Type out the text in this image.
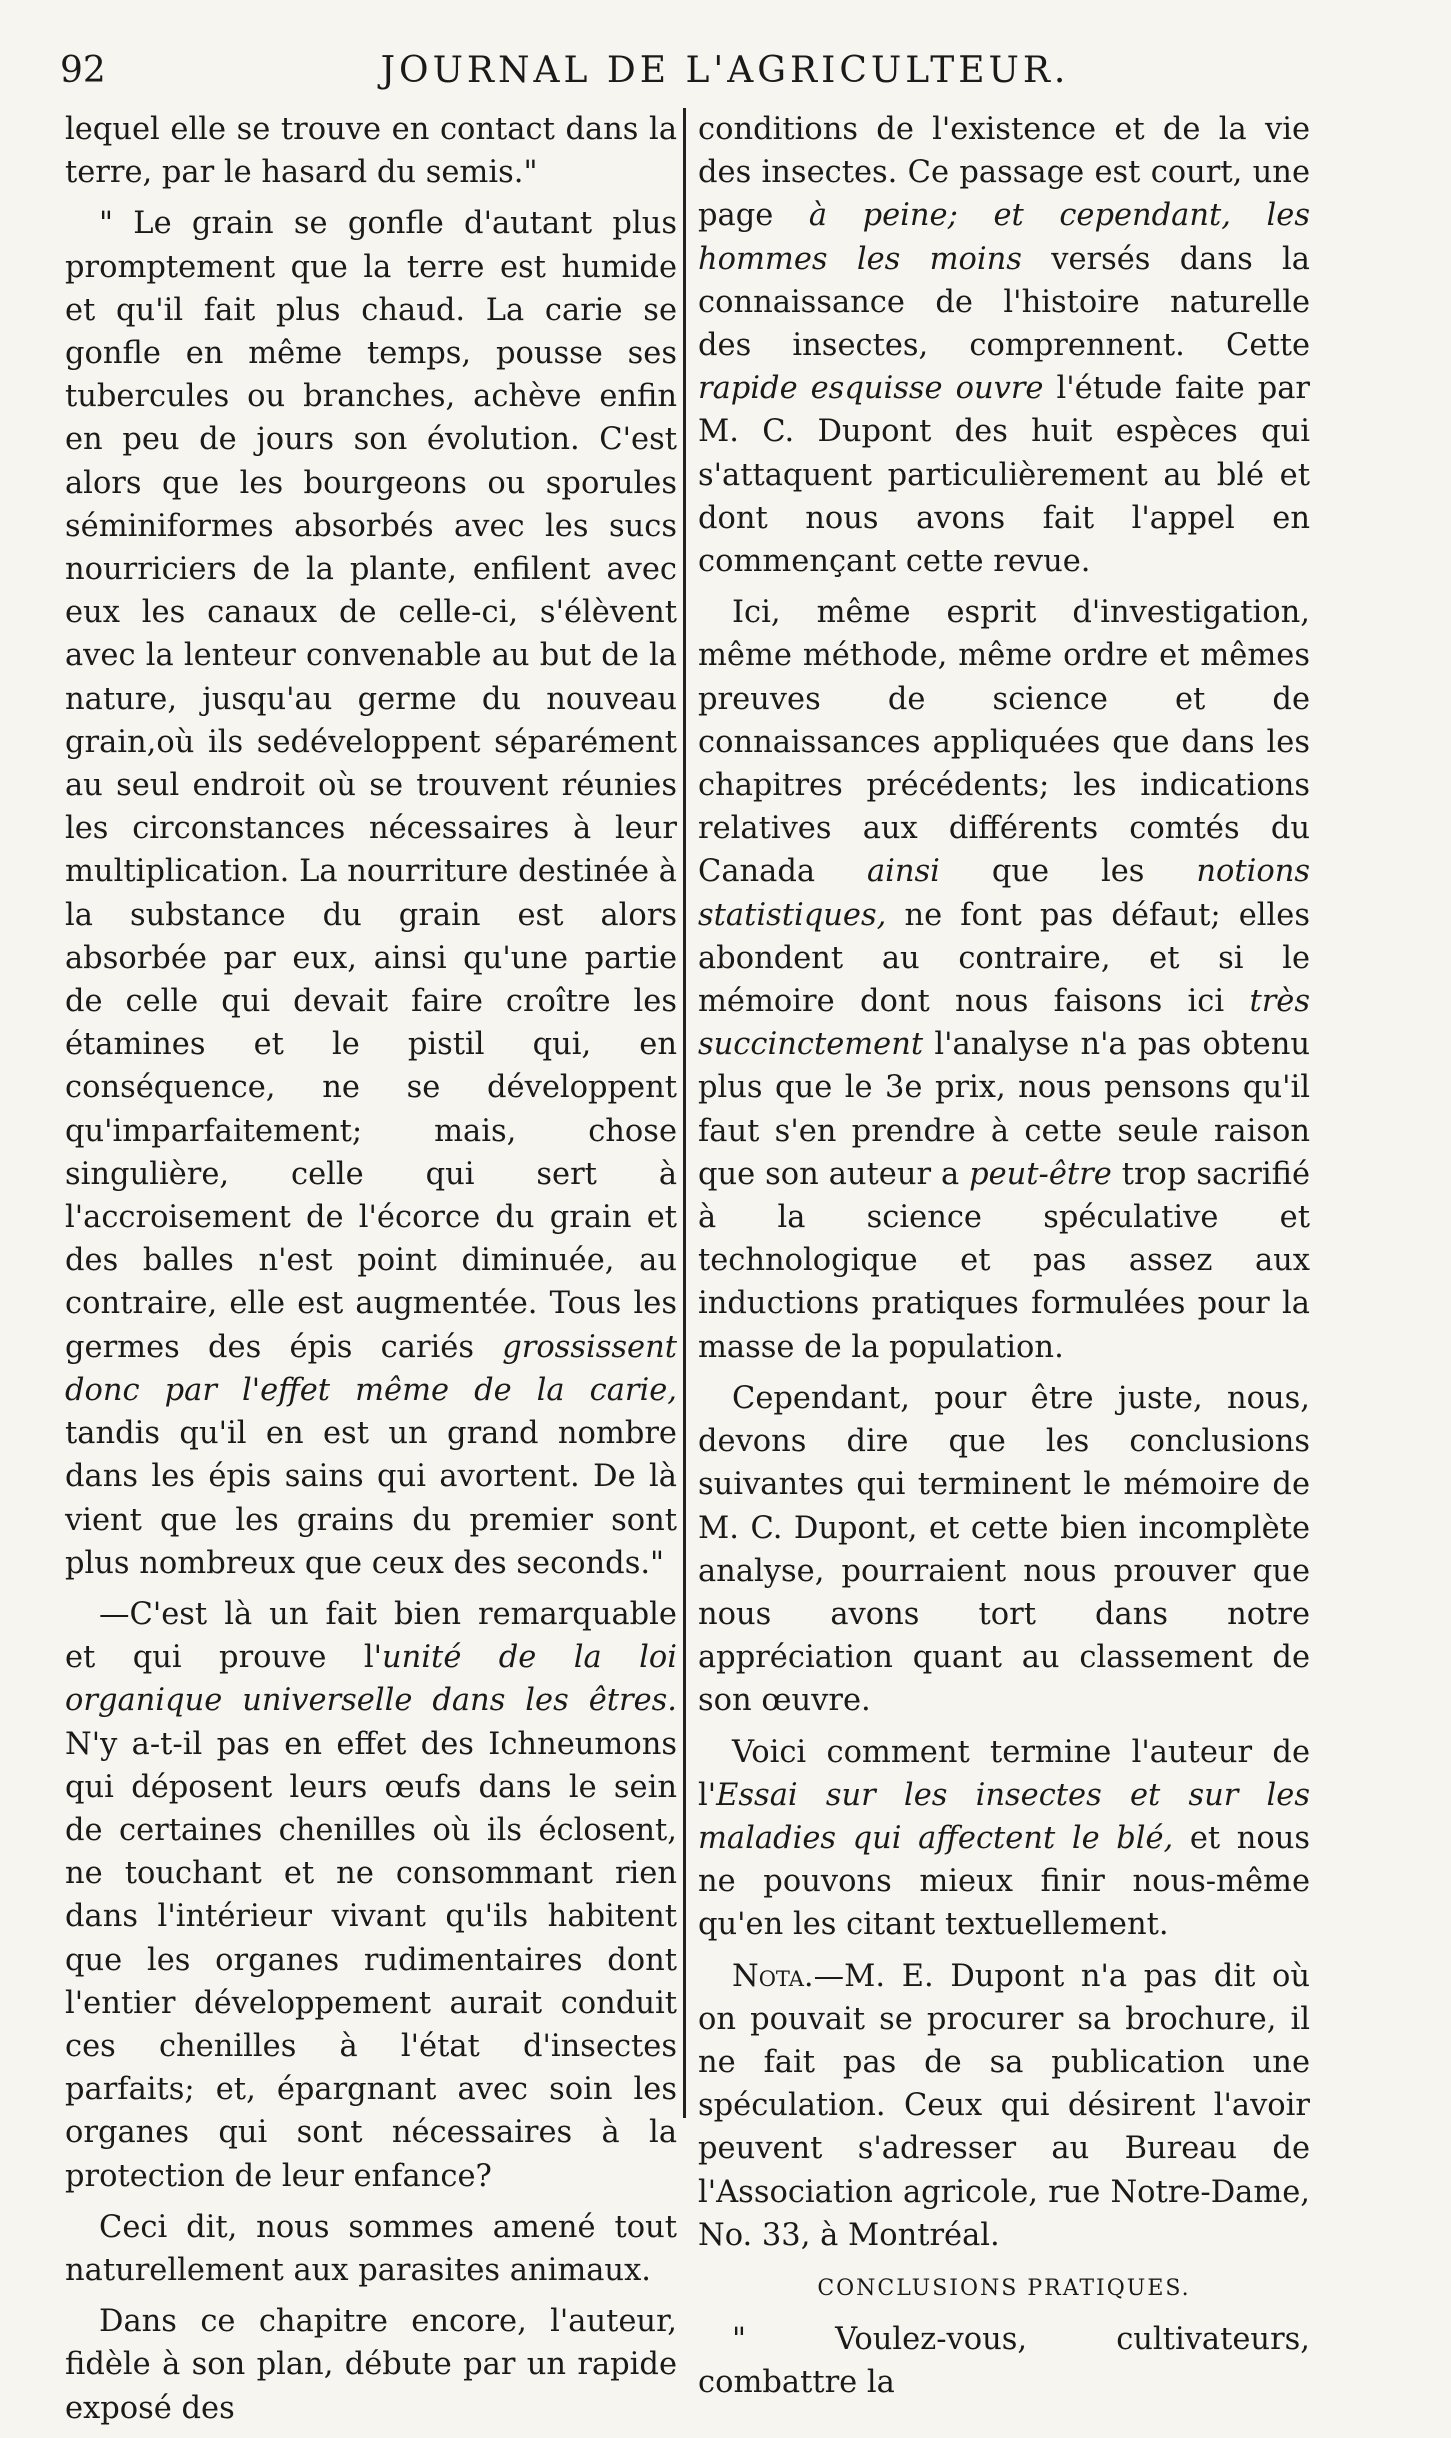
92	JOURNAL DE L'AGRICULTEUR.

lequel elle se trouve en contact dans la terre, par le hasard du semis."

" Le grain se gonfle d'autant plus promptement que la terre est humide et qu'il fait plus chaud. La carie se gonfle en même temps, pousse ses tubercules ou branches, achève enfin en peu de jours son évolution. C'est alors que les bourgeons ou sporules séminiformes absorbés avec les sucs nourriciers de la plante, enfilent avec eux les canaux de celle-ci, s'élèvent avec la lenteur convenable au but de la nature, jusqu'au germe du nouveau grain,où ils sedéveloppent séparément au seul endroit où se trouvent réunies les circonstances nécessaires à leur multiplication. La nourriture destinée à la substance du grain est alors absorbée par eux, ainsi qu'une partie de celle qui devait faire croître les étamines et le pistil qui, en conséquence, ne se développent qu'imparfaitement; mais, chose singulière, celle qui sert à l'accroisement de l'écorce du grain et des balles n'est point diminuée, au contraire, elle est augmentée. Tous les germes des épis cariés grossissent donc par l'effet même de la carie, tandis qu'il en est un grand nombre dans les épis sains qui avortent. De là vient que les grains du premier sont plus nombreux que ceux des seconds."

—C'est là un fait bien remarquable et qui prouve l'unité de la loi organique universelle dans les êtres. N'y a-t-il pas en effet des Ichneumons qui déposent leurs œufs dans le sein de certaines chenilles où ils éclosent, ne touchant et ne consommant rien dans l'intérieur vivant qu'ils habitent que les organes rudimentaires dont l'entier développement aurait conduit ces chenilles à l'état d'insectes parfaits; et, épargnant avec soin les organes qui sont nécessaires à la protection de leur enfance?

Ceci dit, nous sommes amené tout naturellement aux parasites animaux.

Dans ce chapitre encore, l'auteur, fidèle à son plan, débute par un rapide exposé des

conditions de l'existence et de la vie des insectes. Ce passage est court, une page à peine; et cependant, les hommes les moins versés dans la connaissance de l'histoire naturelle des insectes, comprennent. Cette rapide esquisse ouvre l'étude faite par M. C. Dupont des huit espèces qui s'attaquent particulièrement au blé et dont nous avons fait l'appel en commençant cette revue.

Ici, même esprit d'investigation, même méthode, même ordre et mêmes preuves de science et de connaissances appliquées que dans les chapitres précédents; les indications relatives aux différents comtés du Canada ainsi que les notions statistiques, ne font pas défaut; elles abondent au contraire, et si le mémoire dont nous faisons ici très succinctement l'analyse n'a pas obtenu plus que le 3e prix, nous pensons qu'il faut s'en prendre à cette seule raison que son auteur a peut-être trop sacrifié à la science spéculative et technologique et pas assez aux inductions pratiques formulées pour la masse de la population.

Cependant, pour être juste, nous, devons dire que les conclusions suivantes qui terminent le mémoire de M. C. Dupont, et cette bien incomplète analyse, pourraient nous prouver que nous avons tort dans notre appréciation quant au classement de son œuvre.

Voici comment termine l'auteur de l'Essai sur les insectes et sur les maladies qui affectent le blé, et nous ne pouvons mieux finir nous-même qu'en les citant textuellement.

Nota.—M. E. Dupont n'a pas dit où on pouvait se procurer sa brochure, il ne fait pas de sa publication une spéculation. Ceux qui désirent l'avoir peuvent s'adresser au Bureau de l'Association agricole, rue Notre-Dame, No. 33, à Montréal.

CONCLUSIONS PRATIQUES.

" Voulez-vous, cultivateurs, combattre la
